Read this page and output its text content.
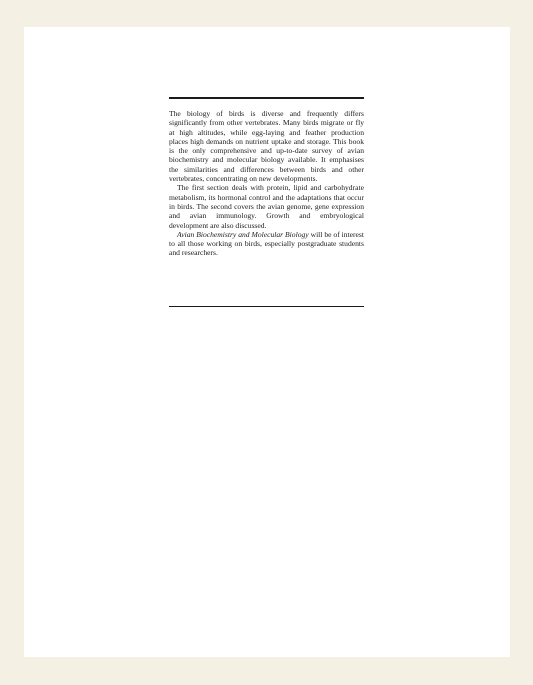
The biology of birds is diverse and frequently differs significantly from other vertebrates. Many birds migrate or fly at high altitudes, while egg-laying and feather production places high demands on nutrient uptake and storage. This book is the only comprehensive and up-to-date survey of avian biochemistry and molecular biology available. It emphasises the similarities and differences between birds and other vertebrates, concentrating on new developments.

The first section deals with protein, lipid and carbohydrate metabolism, its hormonal control and the adaptations that occur in birds. The second covers the avian genome, gene expression and avian immunology. Growth and embryological development are also discussed.

Avian Biochemistry and Molecular Biology will be of interest to all those working on birds, especially postgraduate students and researchers.
